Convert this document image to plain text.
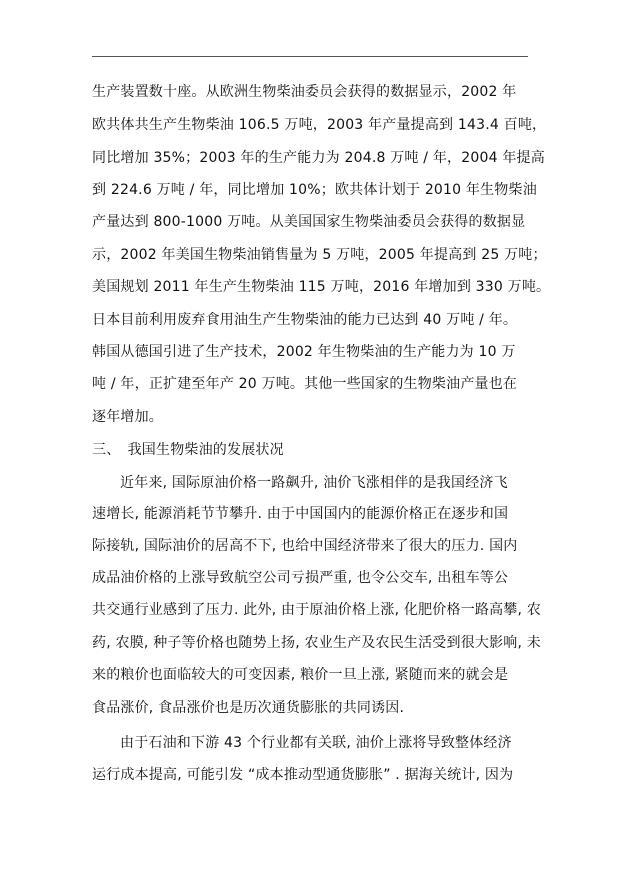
生产装置数十座。从欧洲生物柴油委员会获得的数据显示，2002 年
欧共体共生产生物柴油 106.5 万吨，2003 年产量提高到 143.4 百吨，
同比增加 35%；2003 年的生产能力为 204.8 万吨 / 年，2004 年提高
到 224.6 万吨 / 年，同比增加 10%；欧共体计划于 2010 年生物柴油
产量达到 800-1000 万吨。从美国国家生物柴油委员会获得的数据显
示，2002 年美国生物柴油销售量为 5 万吨，2005 年提高到 25 万吨；
美国规划 2011 年生产生物柴油 115 万吨，2016 年增加到 330 万吨。
日本目前利用废弃食用油生产生物柴油的能力已达到 40 万吨 / 年。
韩国从德国引进了生产技术，2002 年生物柴油的生产能力为 10 万
吨 / 年，正扩建至年产 20 万吨。其他一些国家的生物柴油产量也在
逐年增加。
三、　我国生物柴油的发展状况
近年来, 国际原油价格一路飙升, 油价飞涨相伴的是我国经济飞
速增长, 能源消耗节节攀升. 由于中国国内的能源价格正在逐步和国
际接轨, 国际油价的居高不下, 也给中国经济带来了很大的压力. 国内
成品油价格的上涨导致航空公司亏损严重, 也令公交车, 出租车等公
共交通行业感到了压力. 此外, 由于原油价格上涨, 化肥价格一路高攀, 农
药, 农膜, 种子等价格也随势上扬, 农业生产及农民生活受到很大影响, 未
来的粮价也面临较大的可变因素, 粮价一旦上涨, 紧随而来的就会是
食品涨价, 食品涨价也是历次通货膨胀的共同诱因.
由于石油和下游 43 个行业都有关联, 油价上涨将导致整体经济
运行成本提高, 可能引发 “成本推动型通货膨胀” . 据海关统计, 因为
